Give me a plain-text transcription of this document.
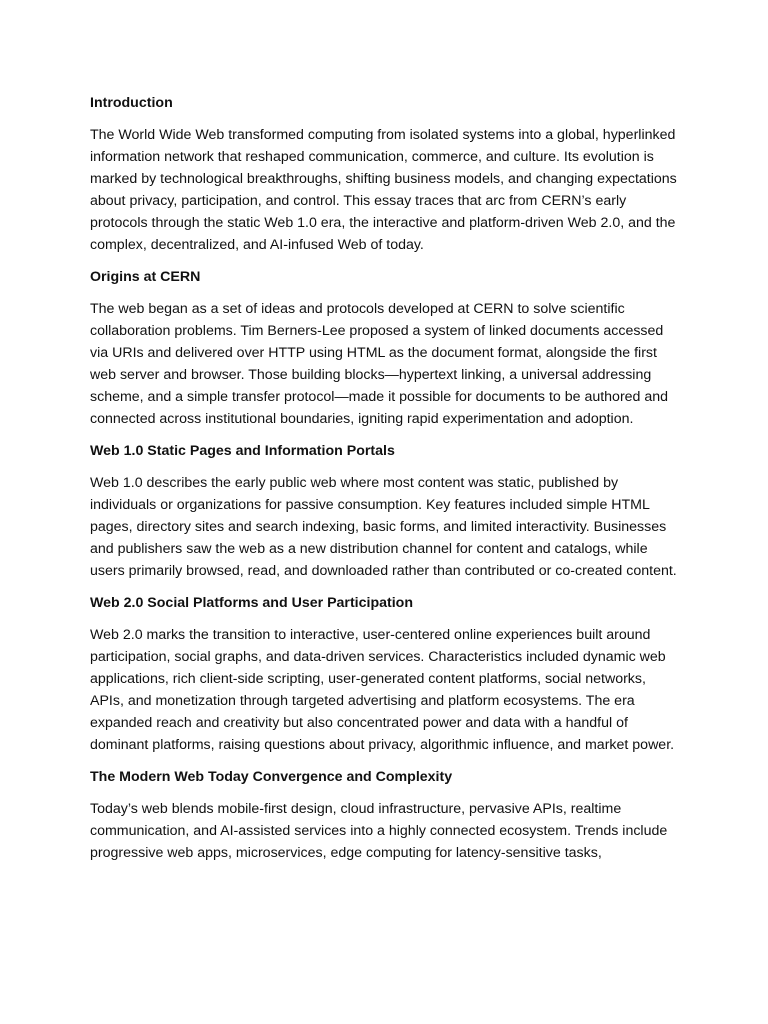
Introduction
The World Wide Web transformed computing from isolated systems into a global, hyperlinked information network that reshaped communication, commerce, and culture. Its evolution is marked by technological breakthroughs, shifting business models, and changing expectations about privacy, participation, and control. This essay traces that arc from CERN’s early protocols through the static Web 1.0 era, the interactive and platform-driven Web 2.0, and the complex, decentralized, and AI-infused Web of today.
Origins at CERN
The web began as a set of ideas and protocols developed at CERN to solve scientific collaboration problems. Tim Berners-Lee proposed a system of linked documents accessed via URIs and delivered over HTTP using HTML as the document format, alongside the first web server and browser. Those building blocks—hypertext linking, a universal addressing scheme, and a simple transfer protocol—made it possible for documents to be authored and connected across institutional boundaries, igniting rapid experimentation and adoption.
Web 1.0 Static Pages and Information Portals
Web 1.0 describes the early public web where most content was static, published by individuals or organizations for passive consumption. Key features included simple HTML pages, directory sites and search indexing, basic forms, and limited interactivity. Businesses and publishers saw the web as a new distribution channel for content and catalogs, while users primarily browsed, read, and downloaded rather than contributed or co-created content.
Web 2.0 Social Platforms and User Participation
Web 2.0 marks the transition to interactive, user-centered online experiences built around participation, social graphs, and data-driven services. Characteristics included dynamic web applications, rich client-side scripting, user-generated content platforms, social networks, APIs, and monetization through targeted advertising and platform ecosystems. The era expanded reach and creativity but also concentrated power and data with a handful of dominant platforms, raising questions about privacy, algorithmic influence, and market power.
The Modern Web Today Convergence and Complexity
Today’s web blends mobile-first design, cloud infrastructure, pervasive APIs, realtime communication, and AI-assisted services into a highly connected ecosystem. Trends include progressive web apps, microservices, edge computing for latency-sensitive tasks,
